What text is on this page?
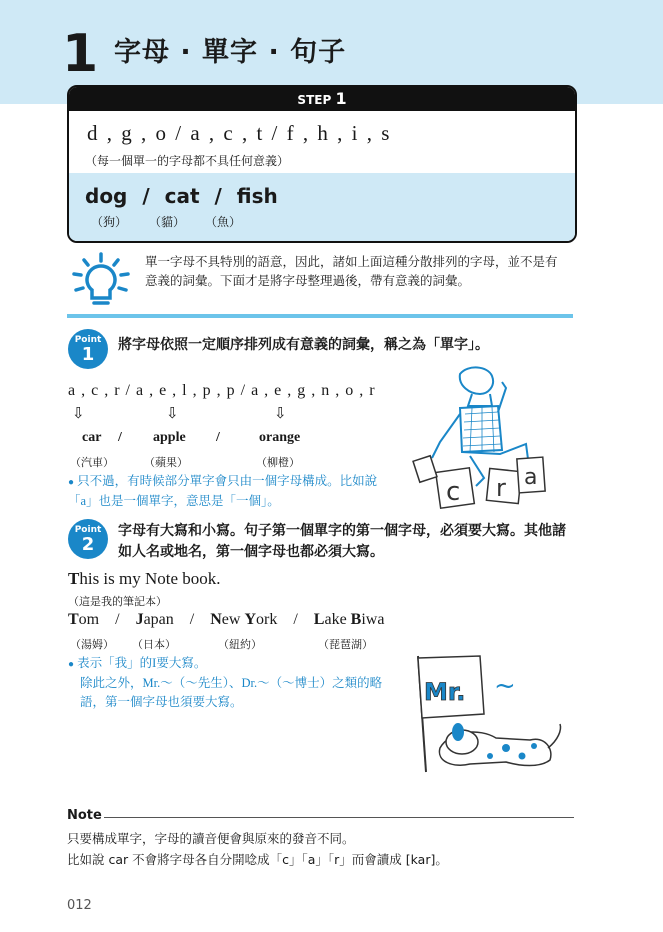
1 字母 · 單字 · 句子
STEP 1
d , g , o / a , c , t / f , h , i , s
（每一個單一的字母都不具任何意義）
dog / cat / fish
（狗） （貓） （魚）
單一字母不具特別的語意，因此，諸如上面這種分散排列的字母，並不是有意義的詞彙。下面才是將字母整理過後，帶有意義的詞彙。
Point
1	將字母依照一定順序排列成有意義的詞彙，稱之為「單字」。
a , c , r / a , e , l , p , p / a , e , g , n , o , r
⇩	⇩	⇩
car / apple /	orange
（汽車）	（蘋果）	（柳橙）
● 只不過，有時候部分單字會只由一個字母構成。比如說「a」也是一個單字，意思是「一個」。	c r a
Point
2
字母有大寫和小寫。句子第一個單字的第一個字母，必須要大寫。其他諸如人名或地名，第一個字母也都必須大寫。
This is my Note book.
（這是我的筆記本）
Tom / Japan / New York / Lake Biwa
（湯姆） （日本）	（紐約）	（琵琶湖）
● 表示「我」的I要大寫。
除此之外，Mr.～（～先生）、Dr.～（～博士）之類的略語，第一個字母也須要大寫。	Mr. ~
Note
只要構成單字，字母的讀音便會與原來的發音不同。
比如說 car 不會將字母各自分開唸成「c」「a」「r」而會讀成 [kar]。
012
